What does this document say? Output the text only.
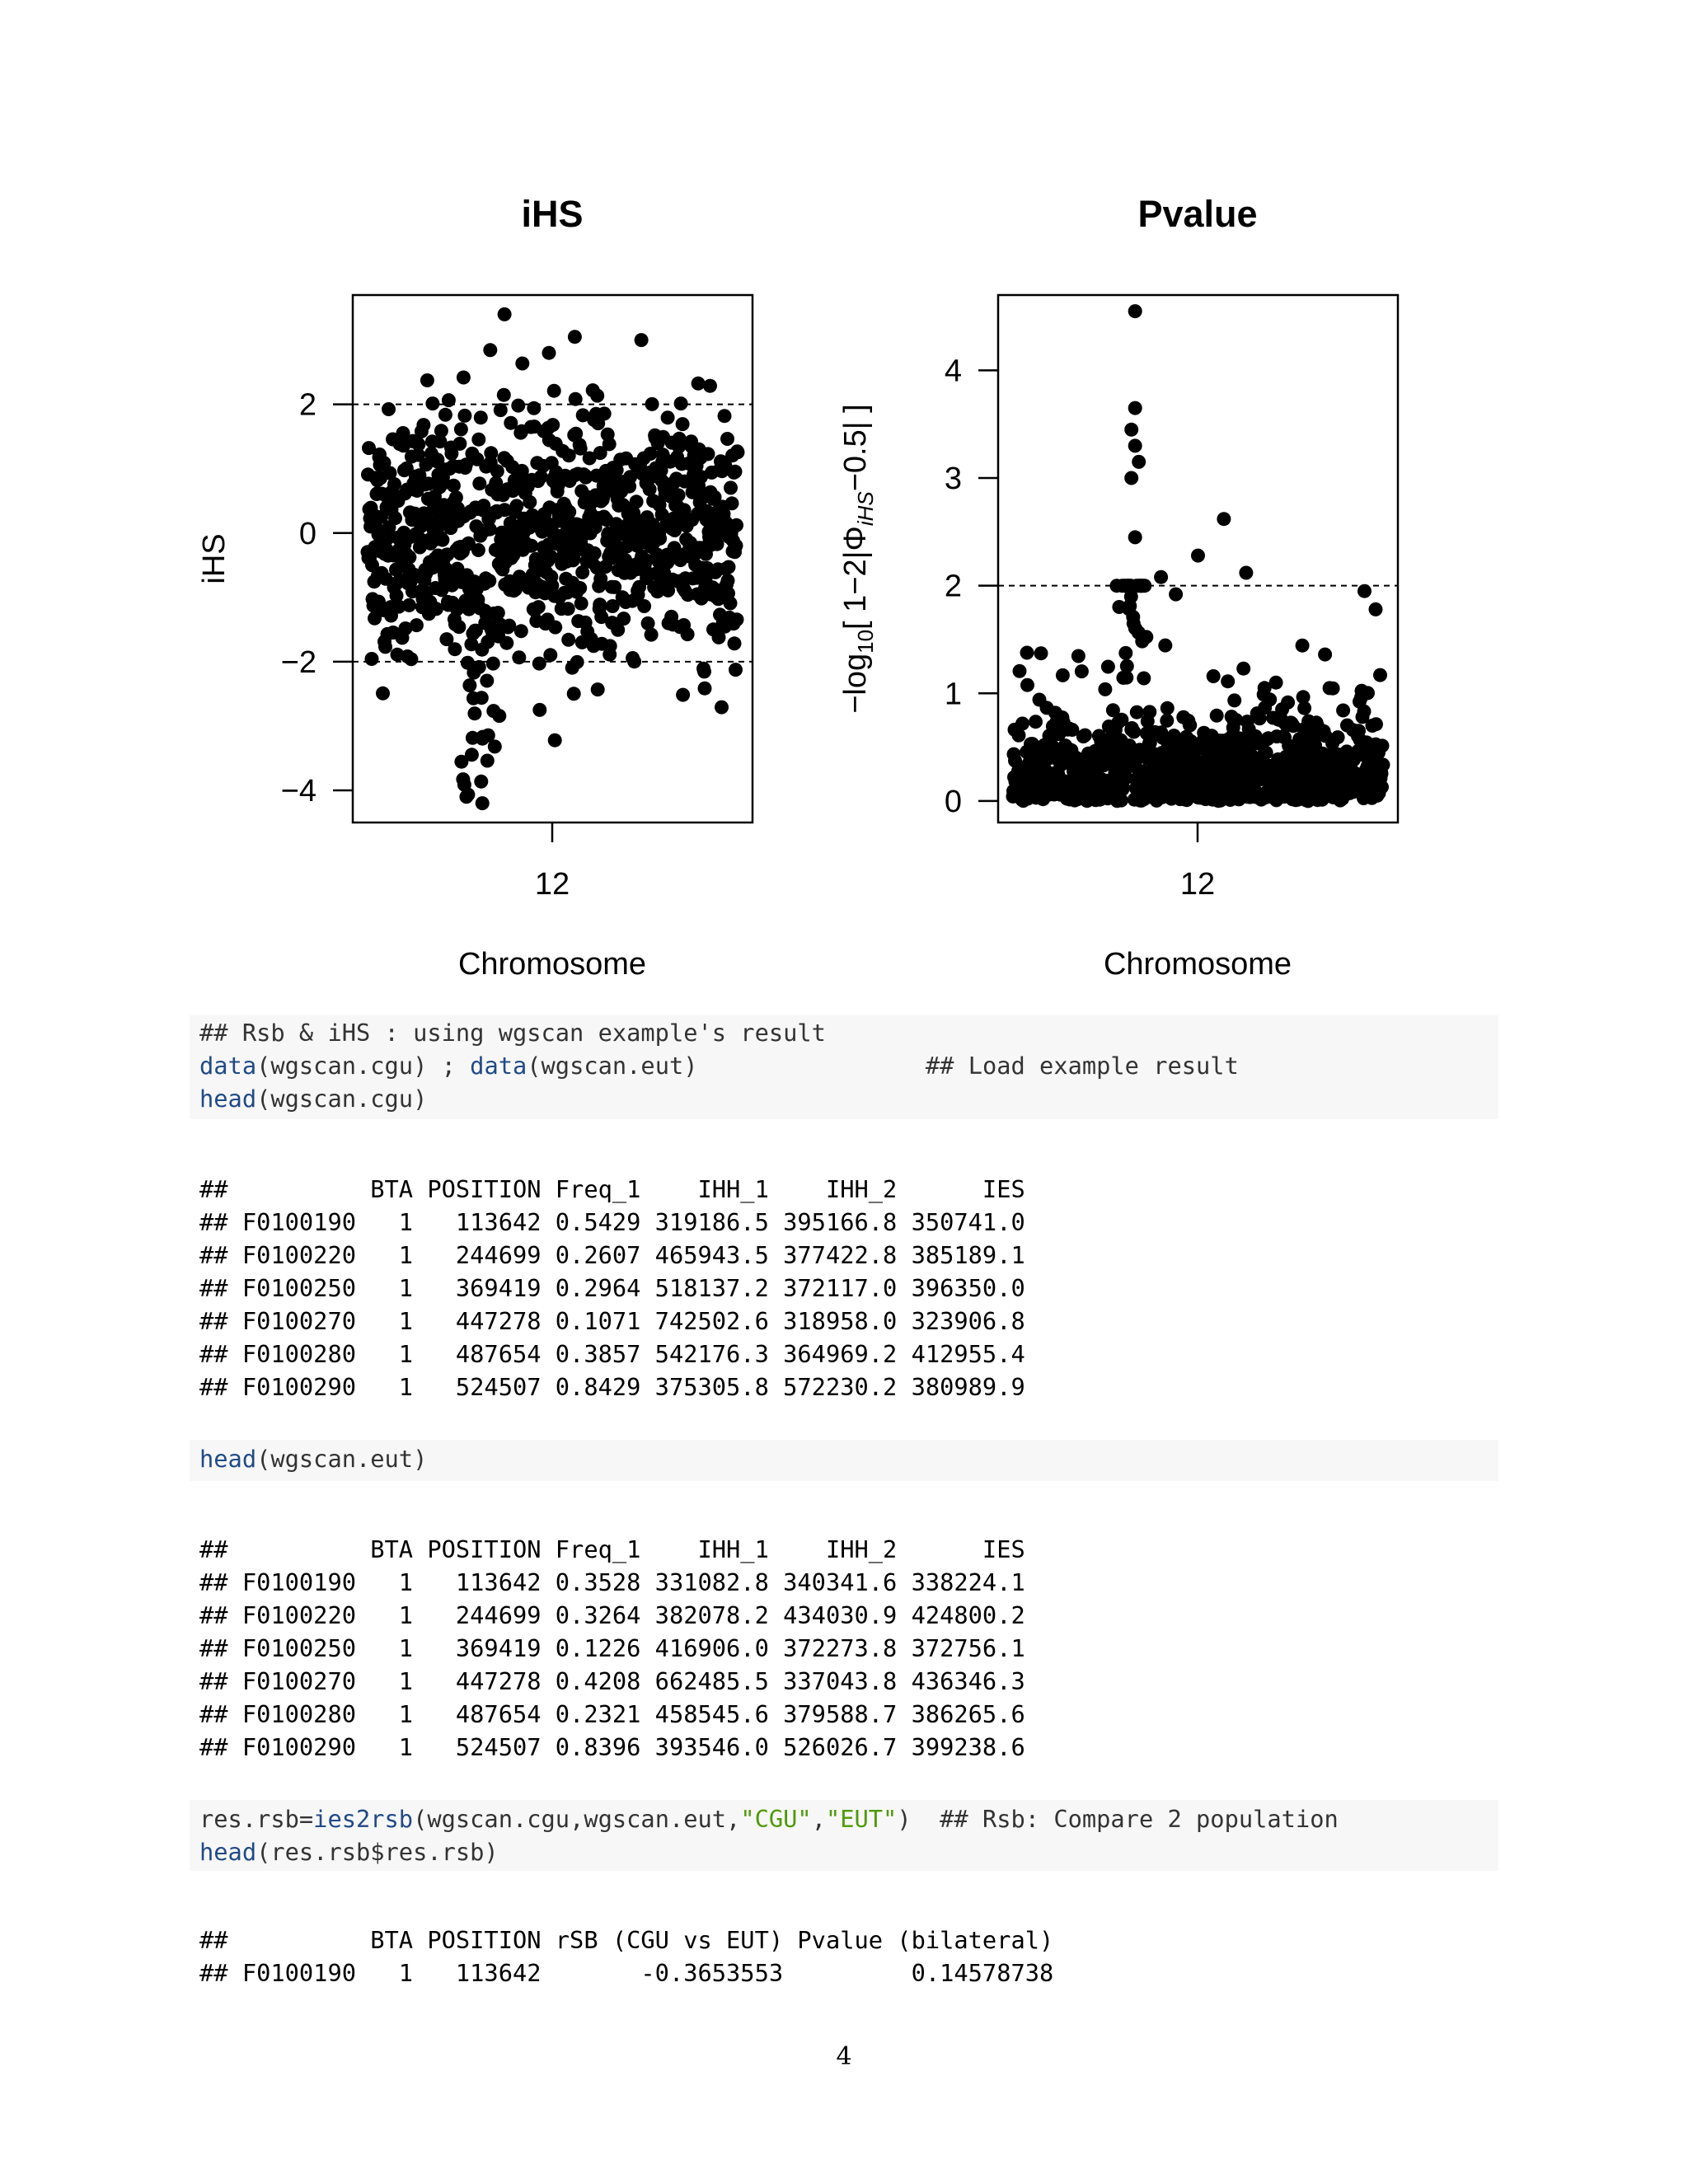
iHS
−4
−2
0
2
12
Chromosome
iHS
Pvalue
0
1
2
3
4
12
Chromosome
$-\log_{10}$[ $1-2|\Phi_{iHS}-0.5|$ ]
## Rsb & iHS : using wgscan example's result
data(wgscan.cgu) ; data(wgscan.eut)	## Load example result
head(wgscan.cgu)
##          BTA POSITION Freq_1    IHH_1    IHH_2      IES
## F0100190   1   113642 0.5429 319186.5 395166.8 350741.0
## F0100220   1   244699 0.2607 465943.5 377422.8 385189.1
## F0100250   1   369419 0.2964 518137.2 372117.0 396350.0
## F0100270   1   447278 0.1071 742502.6 318958.0 323906.8
## F0100280   1   487654 0.3857 542176.3 364969.2 412955.4
## F0100290   1   524507 0.8429 375305.8 572230.2 380989.9
head(wgscan.eut)
##          BTA POSITION Freq_1    IHH_1    IHH_2      IES
## F0100190   1   113642 0.3528 331082.8 340341.6 338224.1
## F0100220   1   244699 0.3264 382078.2 434030.9 424800.2
## F0100250   1   369419 0.1226 416906.0 372273.8 372756.1
## F0100270   1   447278 0.4208 662485.5 337043.8 436346.3
## F0100280   1   487654 0.2321 458545.6 379588.7 386265.6
## F0100290   1   524507 0.8396 393546.0 526026.7 399238.6
res.rsb=ies2rsb(wgscan.cgu,wgscan.eut,"CGU","EUT") ## Rsb: Compare 2 population
head(res.rsb$res.rsb)
##          BTA POSITION rSB (CGU vs EUT) Pvalue (bilateral)
## F0100190   1   113642       -0.3653553         0.14578738
4
